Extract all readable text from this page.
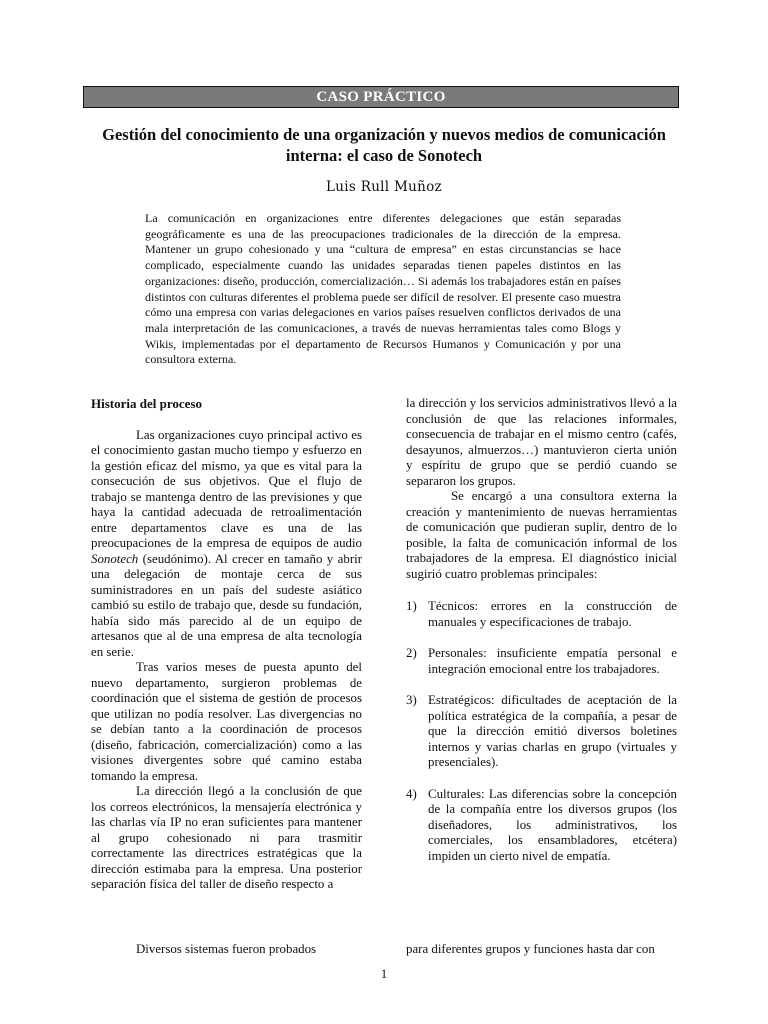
CASO PRÁCTICO
Gestión del conocimiento de una organización y nuevos medios de comunicación interna: el caso de Sonotech
Luis Rull Muñoz

La comunicación en organizaciones entre diferentes delegaciones que están separadas geográficamente es una de las preocupaciones tradicionales de la dirección de la empresa. Mantener un grupo cohesionado y una “cultura de empresa” en estas circunstancias se hace complicado, especialmente cuando las unidades separadas tienen papeles distintos en las organizaciones: diseño, producción, comercialización… Si además los trabajadores están en países distintos con culturas diferentes el problema puede ser difícil de resolver. El presente caso muestra cómo una empresa con varias delegaciones en varios países resuelven conflictos derivados de una mala interpretación de las comunicaciones, a través de nuevas herramientas tales como Blogs y Wikis, implementadas por el departamento de Recursos Humanos y Comunicación y por una consultora externa.

Historia del proceso

Las organizaciones cuyo principal activo es el conocimiento gastan mucho tiempo y esfuerzo en la gestión eficaz del mismo, ya que es vital para la consecución de sus objetivos. Que el flujo de trabajo se mantenga dentro de las previsiones y que haya la cantidad adecuada de retroalimentación entre departamentos clave es una de las preocupaciones de la empresa de equipos de audio Sonotech (seudónimo). Al crecer en tamaño y abrir una delegación de montaje cerca de sus suministradores en un país del sudeste asiático cambió su estilo de trabajo que, desde su fundación, había sido más parecido al de un equipo de artesanos que al de una empresa de alta tecnología en serie.

Tras varios meses de puesta apunto del nuevo departamento, surgieron problemas de coordinación que el sistema de gestión de procesos que utilizan no podía resolver. Las divergencias no se debían tanto a la coordinación de procesos (diseño, fabricación, comercialización) como a las visiones divergentes sobre qué camino estaba tomando la empresa.

La dirección llegó a la conclusión de que los correos electrónicos, la mensajería electrónica y las charlas vía IP no eran suficientes para mantener al grupo cohesionado ni para trasmitir correctamente las directrices estratégicas que la dirección estimaba para la empresa. Una posterior separación física del taller de diseño respecto a

la dirección y los servicios administrativos llevó a la conclusión de que las relaciones informales, consecuencia de trabajar en el mismo centro (cafés, desayunos, almuerzos…) mantuvieron cierta unión y espíritu de grupo que se perdió cuando se separaron los grupos.

Se encargó a una consultora externa la creación y mantenimiento de nuevas herramientas de comunicación que pudieran suplir, dentro de lo posible, la falta de comunicación informal de los trabajadores de la empresa. El diagnóstico inicial sugirió cuatro problemas principales:

1) Técnicos: errores en la construcción de manuales y especificaciones de trabajo.
2) Personales: insuficiente empatía personal e integración emocional entre los trabajadores.
3) Estratégicos: dificultades de aceptación de la política estratégica de la compañía, a pesar de que la dirección emitió diversos boletines internos y varias charlas en grupo (virtuales y presenciales).
4) Culturales: Las diferencias sobre la concepción de la compañía entre los diversos grupos (los diseñadores, los administrativos, los comerciales, los ensambladores, etcétera) impiden un cierto nivel de empatía.

Diversos sistemas fueron probados	para diferentes grupos y funciones hasta dar con

1
